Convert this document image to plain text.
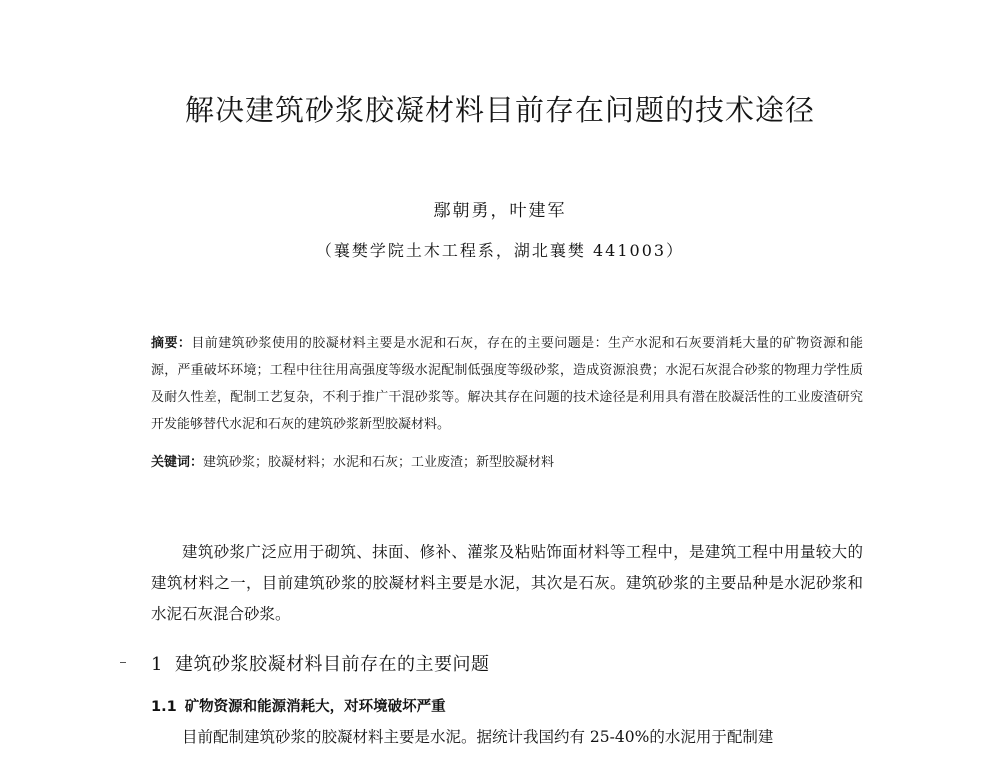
解决建筑砂浆胶凝材料目前存在问题的技术途径
鄢朝勇，叶建军
（襄樊学院土木工程系，湖北襄樊 441003）
摘要：目前建筑砂浆使用的胶凝材料主要是水泥和石灰，存在的主要问题是：生产水泥和石灰要消耗大量的矿物资源和能源，严重破坏环境；工程中往往用高强度等级水泥配制低强度等级砂浆，造成资源浪费；水泥石灰混合砂浆的物理力学性质及耐久性差，配制工艺复杂，不利于推广干混砂浆等。解决其存在问题的技术途径是利用具有潜在胶凝活性的工业废渣研究开发能够替代水泥和石灰的建筑砂浆新型胶凝材料。
关键词：建筑砂浆；胶凝材料；水泥和石灰；工业废渣；新型胶凝材料
建筑砂浆广泛应用于砌筑、抹面、修补、灌浆及粘贴饰面材料等工程中，是建筑工程中用量较大的建筑材料之一，目前建筑砂浆的胶凝材料主要是水泥，其次是石灰。建筑砂浆的主要品种是水泥砂浆和水泥石灰混合砂浆。
1 建筑砂浆胶凝材料目前存在的主要问题
1.1 矿物资源和能源消耗大，对环境破坏严重
目前配制建筑砂浆的胶凝材料主要是水泥。据统计我国约有 25-40%的水泥用于配制建
